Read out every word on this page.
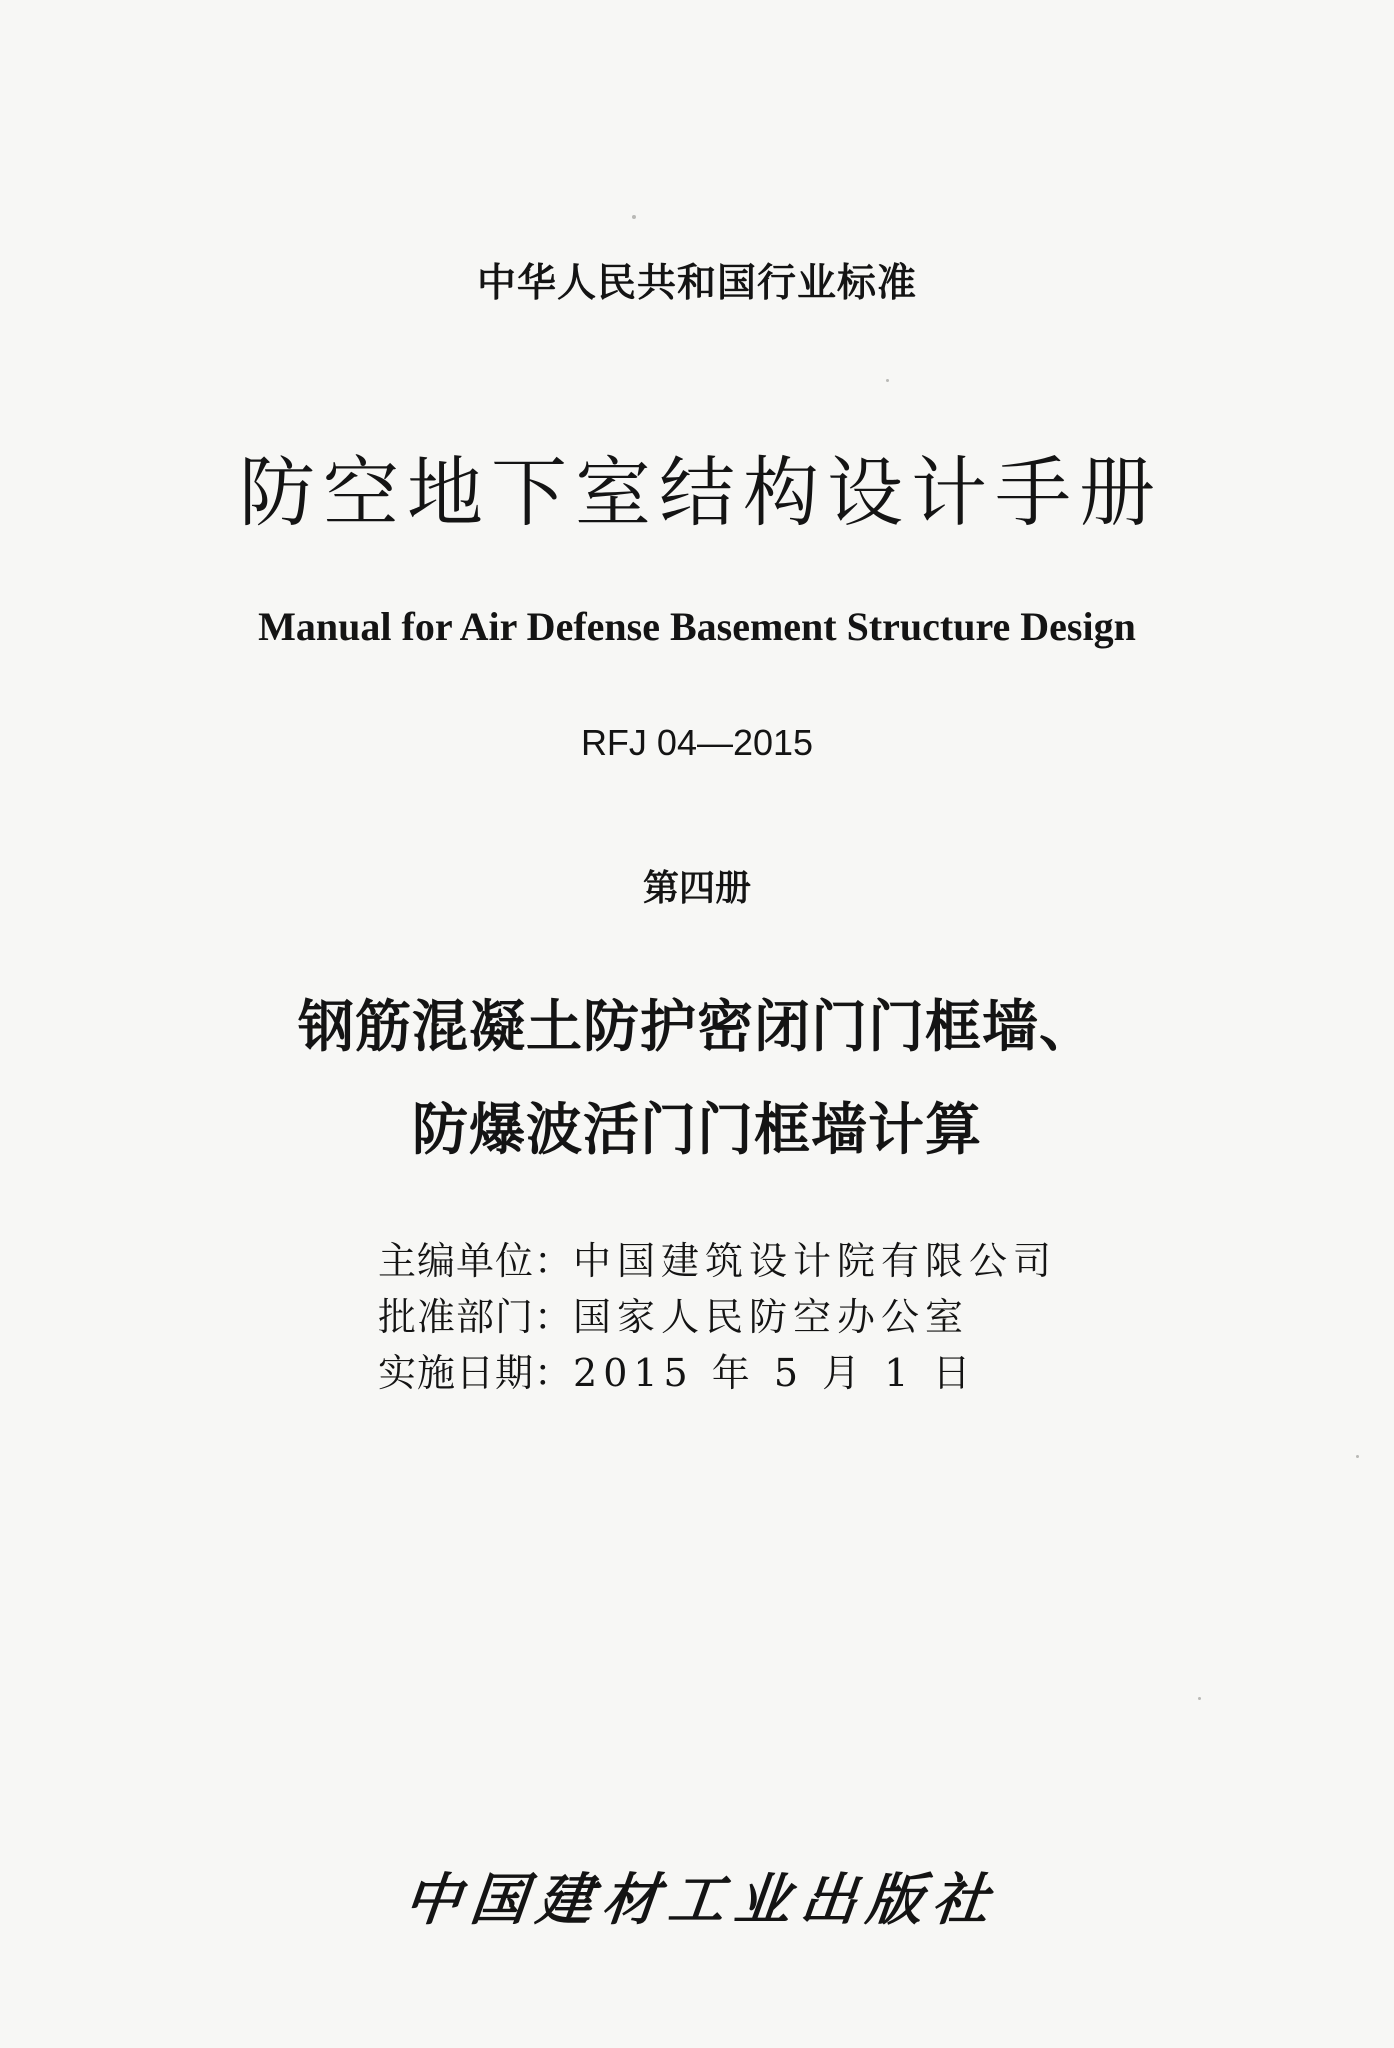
中华人民共和国行业标准
防空地下室结构设计手册
Manual for Air Defense Basement Structure Design
RFJ 04—2015
第四册
钢筋混凝土防护密闭门门框墙、
防爆波活门门框墙计算
主编单位：中国建筑设计院有限公司
批准部门：国家人民防空办公室
实施日期：2015 年 5 月 1 日
中国建材工业出版社
